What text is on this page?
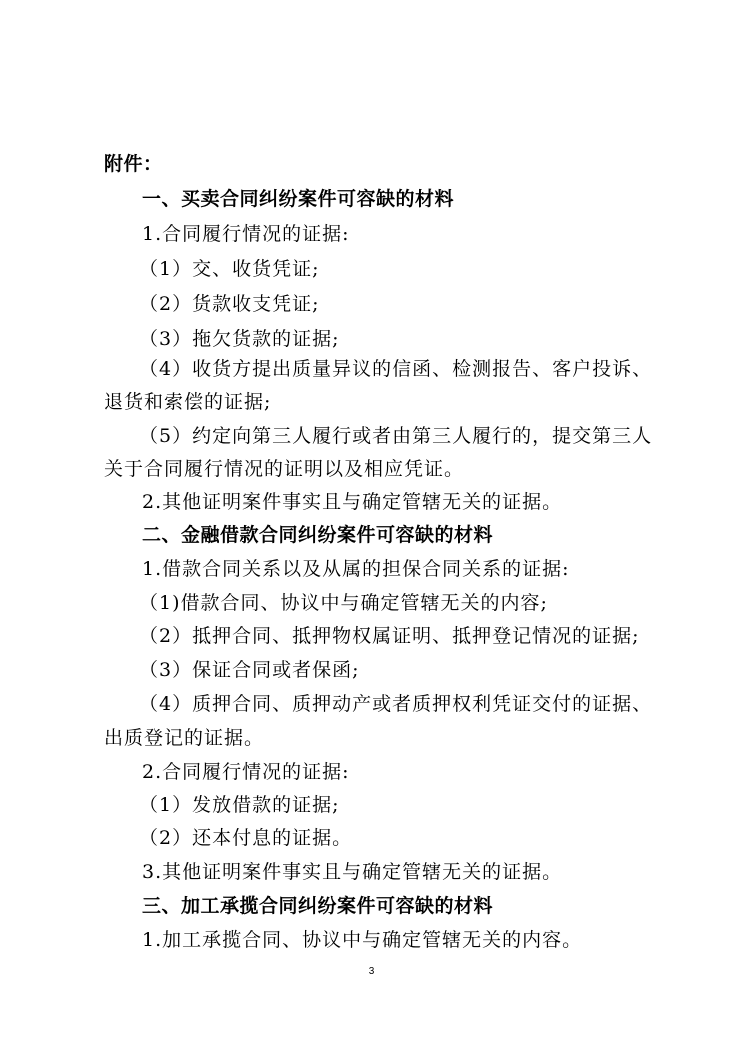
附件：
一、买卖合同纠纷案件可容缺的材料
1.合同履行情况的证据:
（1）交、收货凭证;
（2）货款收支凭证;
（3）拖欠货款的证据;
（4）收货方提出质量异议的信函、检测报告、客户投诉、
退货和索偿的证据;
（5）约定向第三人履行或者由第三人履行的，提交第三人
关于合同履行情况的证明以及相应凭证。
2.其他证明案件事实且与确定管辖无关的证据。
二、金融借款合同纠纷案件可容缺的材料
1.借款合同关系以及从属的担保合同关系的证据:
（1)借款合同、协议中与确定管辖无关的内容;
（2）抵押合同、抵押物权属证明、抵押登记情况的证据;
（3）保证合同或者保函;
（4）质押合同、质押动产或者质押权利凭证交付的证据、
出质登记的证据。
2.合同履行情况的证据:
（1）发放借款的证据;
（2）还本付息的证据。
3.其他证明案件事实且与确定管辖无关的证据。
三、加工承揽合同纠纷案件可容缺的材料
1.加工承揽合同、协议中与确定管辖无关的内容。
3
